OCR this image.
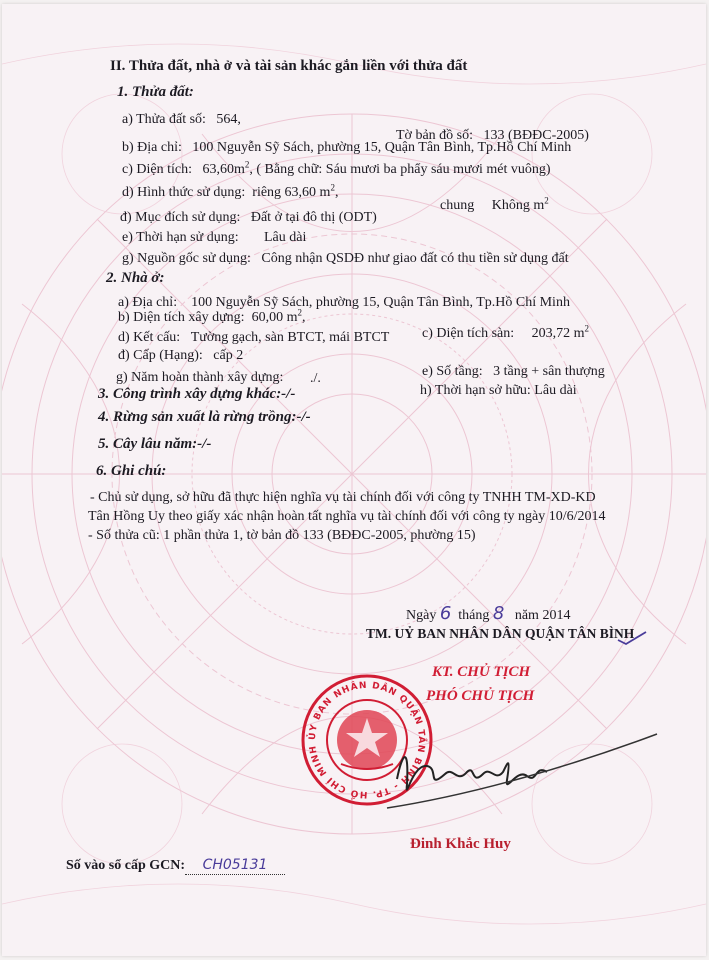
II. Thửa đất, nhà ở và tài sản khác gắn liền với thửa đất
1. Thửa đất:
a) Thửa đất số: 564,
Tờ bản đồ số: 133 (BĐĐC-2005)
b) Địa chỉ: 100 Nguyễn Sỹ Sách, phường 15, Quận Tân Bình, Tp.Hồ Chí Minh
c) Diện tích: $63,60m^2$, ( Bằng chữ: Sáu mươi ba phẩy sáu mươi mét vuông)
d) Hình thức sử dụng: riêng 63,60 $m^2$,
chung Không $m^2$
đ) Mục đích sử dụng: Đất ở tại đô thị (ODT)
e) Thời hạn sử dụng: Lâu dài
g) Nguồn gốc sử dụng: Công nhận QSDĐ như giao đất có thu tiền sử dụng đất
2. Nhà ở:
a) Địa chỉ: 100 Nguyễn Sỹ Sách, phường 15, Quận Tân Bình, Tp.Hồ Chí Minh
b) Diện tích xây dựng: 60,00 $m^2$,
d) Kết cấu: Tường gạch, sàn BTCT, mái BTCT c) Diện tích sàn: 203,72 $m^2$
đ) Cấp (Hạng): cấp 2
e) Số tầng: 3 tầng + sân thượng
g) Năm hoàn thành xây dựng: ./.
h) Thời hạn sở hữu: Lâu dài
3. Công trình xây dựng khác:-/-
4. Rừng sản xuất là rừng trồng:-/-
5. Cây lâu năm:-/-
6. Ghi chú:
- Chủ sử dụng, sở hữu đã thực hiện nghĩa vụ tài chính đối với công ty TNHH TM-XD-KD
Tân Hồng Uy theo giấy xác nhận hoàn tất nghĩa vụ tài chính đối với công ty ngày 10/6/2014
- Số thửa cũ: 1 phần thửa 1, tờ bản đồ 133 (BĐĐC-2005, phường 15)
Ngày 6 tháng 8 năm 2014
TM. UỶ BAN NHÂN DÂN QUẬN TÂN BÌNH
KT. CHỦ TỊCH
PHÓ CHỦ TỊCH
ỦY BAN NHÂN DÂN QUẬN TÂN BÌNH - TP. HỒ CHÍ MINH
Đinh Khắc Huy
Số vào sổ cấp GCN: CH05131
